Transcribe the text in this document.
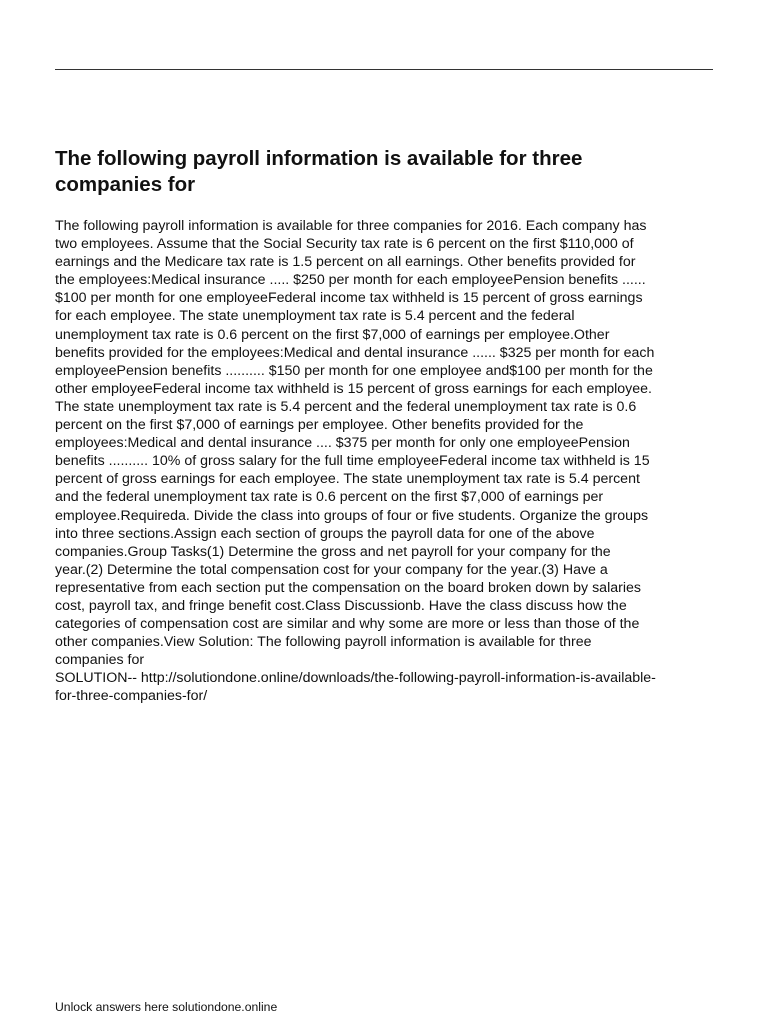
The following payroll information is available for three companies for
The following payroll information is available for three companies for 2016. Each company has
two employees. Assume that the Social Security tax rate is 6 percent on the first $110,000 of
earnings and the Medicare tax rate is 1.5 percent on all earnings. Other benefits provided for
the employees:Medical insurance ..... $250 per month for each employeePension benefits ......
$100 per month for one employeeFederal income tax withheld is 15 percent of gross earnings
for each employee. The state unemployment tax rate is 5.4 percent and the federal
unemployment tax rate is 0.6 percent on the first $7,000 of earnings per employee.Other
benefits provided for the employees:Medical and dental insurance ...... $325 per month for each
employeePension benefits .......... $150 per month for one employee and$100 per month for the
other employeeFederal income tax withheld is 15 percent of gross earnings for each employee.
The state unemployment tax rate is 5.4 percent and the federal unemployment tax rate is 0.6
percent on the first $7,000 of earnings per employee. Other benefits provided for the
employees:Medical and dental insurance .... $375 per month for only one employeePension
benefits .......... 10% of gross salary for the full time employeeFederal income tax withheld is 15
percent of gross earnings for each employee. The state unemployment tax rate is 5.4 percent
and the federal unemployment tax rate is 0.6 percent on the first $7,000 of earnings per
employee.Requireda. Divide the class into groups of four or five students. Organize the groups
into three sections.Assign each section of groups the payroll data for one of the above
companies.Group Tasks(1) Determine the gross and net payroll for your company for the
year.(2) Determine the total compensation cost for your company for the year.(3) Have a
representative from each section put the compensation on the board broken down by salaries
cost, payroll tax, and fringe benefit cost.Class Discussionb. Have the class discuss how the
categories of compensation cost are similar and why some are more or less than those of the
other companies.View Solution: The following payroll information is available for three
companies for
SOLUTION-- http://solutiondone.online/downloads/the-following-payroll-information-is-available-
for-three-companies-for/

Unlock answers here solutiondone.online
